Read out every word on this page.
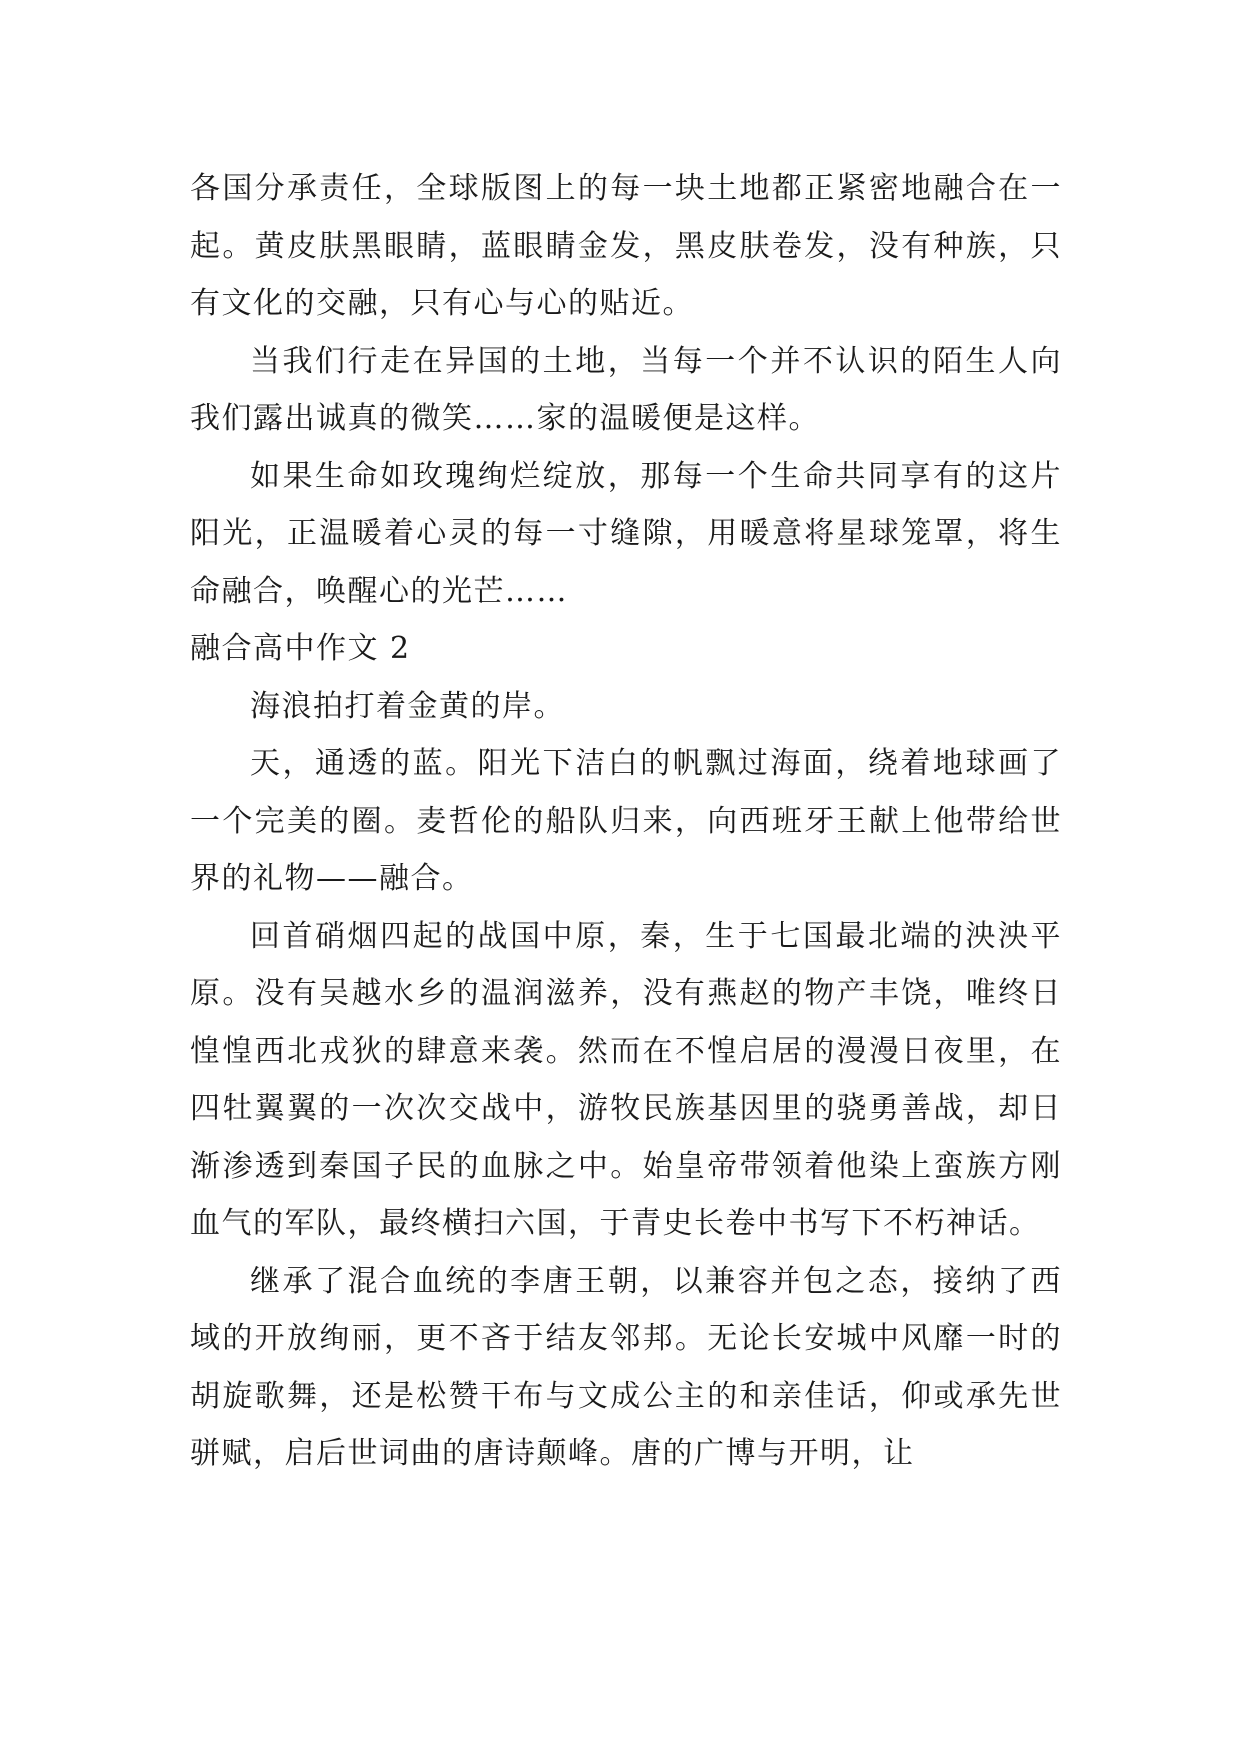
各国分承责任，全球版图上的每一块土地都正紧密地融合在一起。黄皮肤黑眼睛，蓝眼睛金发，黑皮肤卷发，没有种族，只有文化的交融，只有心与心的贴近。

当我们行走在异国的土地，当每一个并不认识的陌生人向我们露出诚真的微笑……家的温暖便是这样。

如果生命如玫瑰绚烂绽放，那每一个生命共同享有的这片阳光，正温暖着心灵的每一寸缝隙，用暖意将星球笼罩，将生命融合，唤醒心的光芒……

融合高中作文 2

海浪拍打着金黄的岸。

天，通透的蓝。阳光下洁白的帆飘过海面，绕着地球画了一个完美的圈。麦哲伦的船队归来，向西班牙王献上他带给世界的礼物——融合。

回首硝烟四起的战国中原，秦，生于七国最北端的泱泱平原。没有吴越水乡的温润滋养，没有燕赵的物产丰饶，唯终日惶惶西北戎狄的肆意来袭。然而在不惶启居的漫漫日夜里，在四牡翼翼的一次次交战中，游牧民族基因里的骁勇善战，却日渐渗透到秦国子民的血脉之中。始皇帝带领着他染上蛮族方刚血气的军队，最终横扫六国，于青史长卷中书写下不朽神话。

继承了混合血统的李唐王朝，以兼容并包之态，接纳了西域的开放绚丽，更不吝于结友邻邦。无论长安城中风靡一时的胡旋歌舞，还是松赞干布与文成公主的和亲佳话，仰或承先世骈赋，启后世词曲的唐诗颠峰。唐的广博与开明，让
